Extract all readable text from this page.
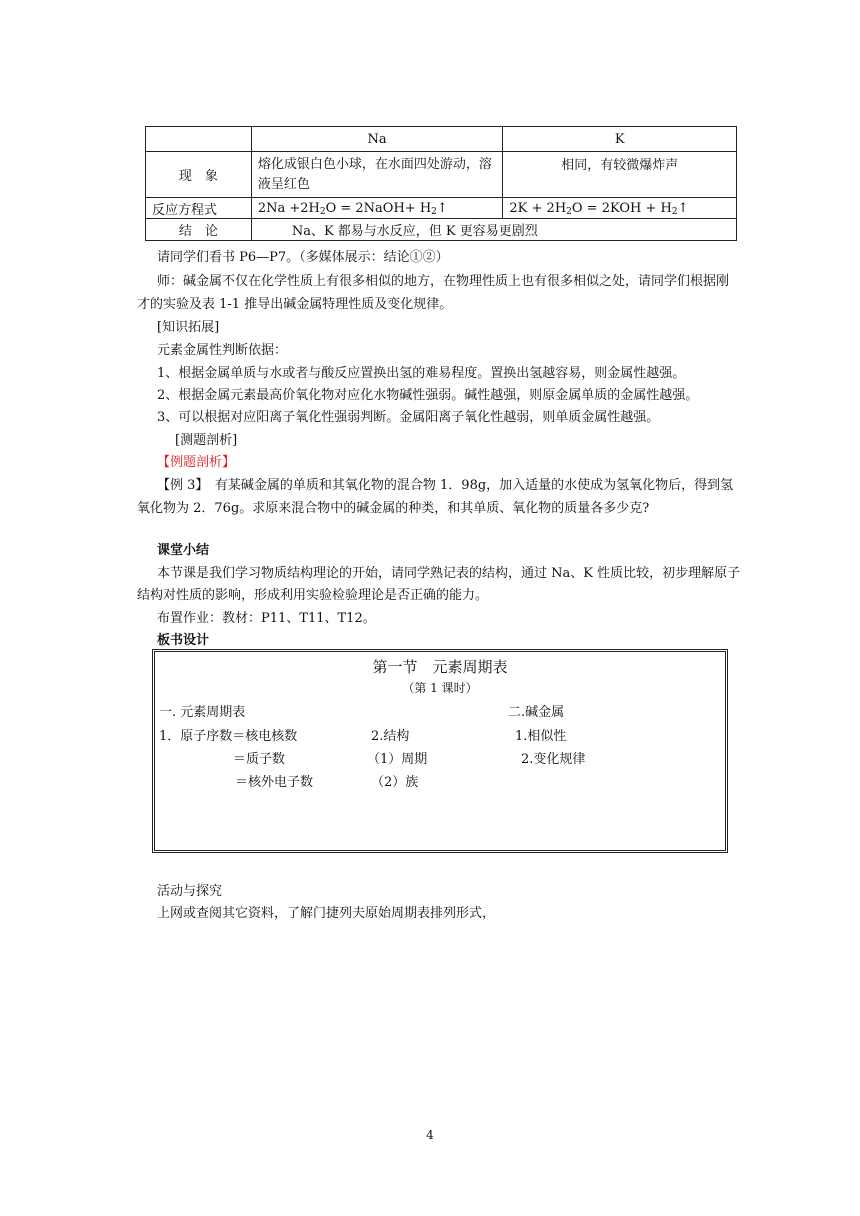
	Na	K
现　象	熔化成银白色小球，在水面四处游动，溶液呈红色	相同，有较微爆炸声
反应方程式	$2Na +2H_2O$ = 2NaOH+ $H_2↑$	$2K + 2H_2O = 2KOH$ + $H_2↑$
结　论	Na、K 都易与水反应，但 K 更容易更剧烈	
请同学们看书 P6—P7。（多媒体展示：结论①②）
师：碱金属不仅在化学性质上有很多相似的地方，在物理性质上也有很多相似之处，请同学们根据刚
才的实验及表 1-1 推导出碱金属特理性质及变化规律。
[知识拓展]
元素金属性判断依据：
1、根据金属单质与水或者与酸反应置换出氢的难易程度。置换出氢越容易，则金属性越强。
2、根据金属元素最高价氧化物对应化水物碱性强弱。碱性越强，则原金属单质的金属性越强。
3、可以根据对应阳离子氧化性强弱判断。金属阳离子氧化性越弱，则单质金属性越强。
[测题剖析]
【例题剖析】
【例 3】　有某碱金属的单质和其氧化物的混合物 1．98g，加入适量的水使成为氢氧化物后，得到氢
氧化物为 2．76g。求原来混合物中的碱金属的种类，和其单质、氧化物的质量各多少克?
课堂小结
本节课是我们学习物质结构理论的开始，请同学熟记表的结构，通过 Na、K 性质比较，初步理解原子
结构对性质的影响，形成利用实验检验理论是否正确的能力。
布置作业：教材：P11、T11、T12。
板书设计
第一节　元素周期表
（第 1 课时）
一. 元素周期表	二.碱金属
1．原子序数＝核电核数	2.结构	1.相似性
＝质子数	（1）周期	2.变化规律
＝核外电子数	（2）族
活动与探究
上网或查阅其它资料，了解门捷列夫原始周期表排列形式，
4
